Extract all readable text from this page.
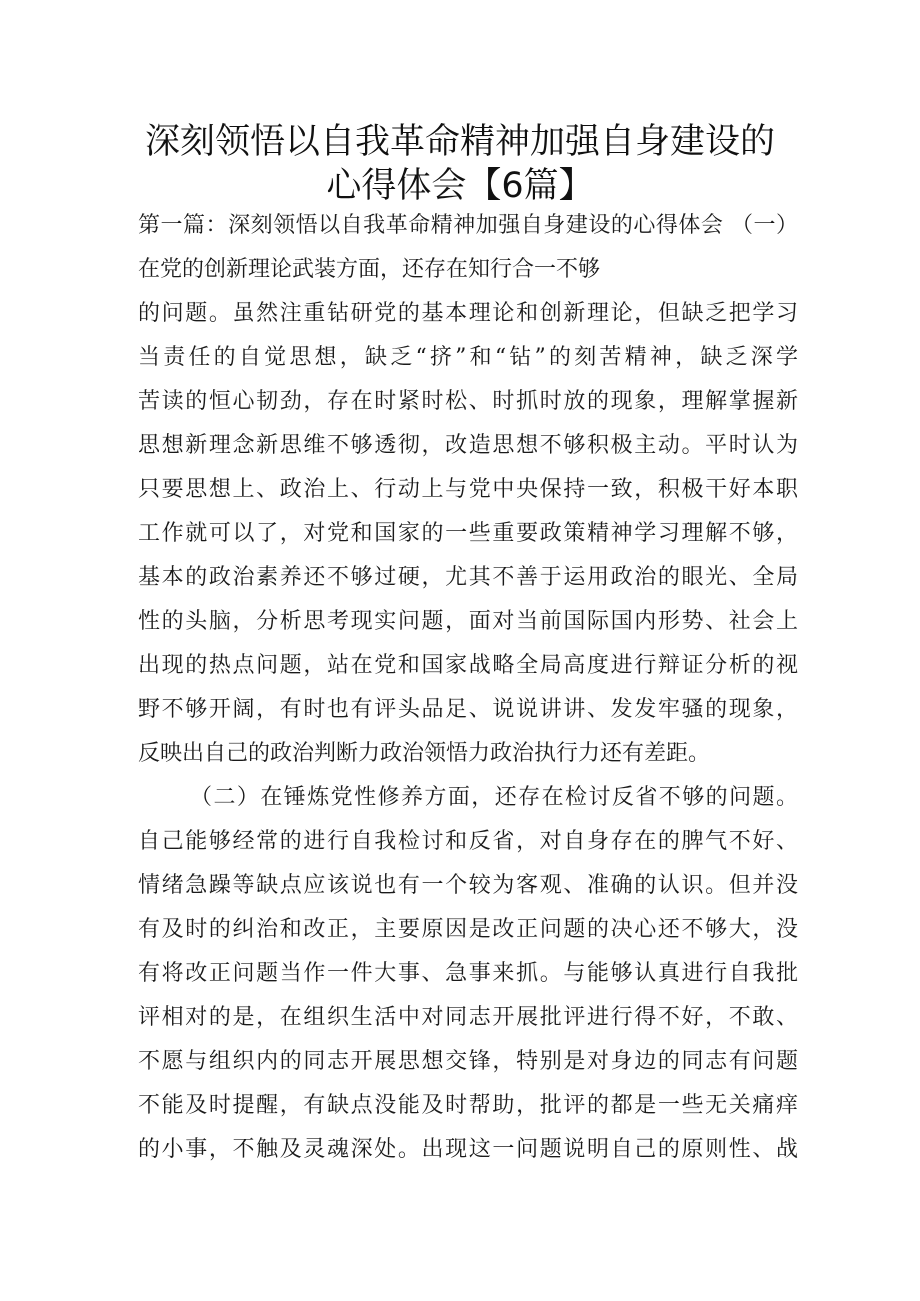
深刻领悟以自我革命精神加强自身建设的
心得体会【6篇】
第一篇：深刻领悟以自我革命精神加强自身建设的心得体会 （一）
在党的创新理论武装方面，还存在知行合一不够
的问题。虽然注重钻研党的基本理论和创新理论，但缺乏把学习
当责任的自觉思想，缺乏“挤”和“钻”的刻苦精神，缺乏深学
苦读的恒心韧劲，存在时紧时松、时抓时放的现象，理解掌握新
思想新理念新思维不够透彻，改造思想不够积极主动。平时认为
只要思想上、政治上、行动上与党中央保持一致，积极干好本职
工作就可以了，对党和国家的一些重要政策精神学习理解不够，
基本的政治素养还不够过硬，尤其不善于运用政治的眼光、全局
性的头脑，分析思考现实问题，面对当前国际国内形势、社会上
出现的热点问题，站在党和国家战略全局高度进行辩证分析的视
野不够开阔，有时也有评头品足、说说讲讲、发发牢骚的现象，
反映出自己的政治判断力政治领悟力政治执行力还有差距。
（二）在锤炼党性修养方面，还存在检讨反省不够的问题。
自己能够经常的进行自我检讨和反省，对自身存在的脾气不好、
情绪急躁等缺点应该说也有一个较为客观、准确的认识。但并没
有及时的纠治和改正，主要原因是改正问题的决心还不够大，没
有将改正问题当作一件大事、急事来抓。与能够认真进行自我批
评相对的是，在组织生活中对同志开展批评进行得不好，不敢、
不愿与组织内的同志开展思想交锋，特别是对身边的同志有问题
不能及时提醒，有缺点没能及时帮助，批评的都是一些无关痛痒
的小事，不触及灵魂深处。出现这一问题说明自己的原则性、战
